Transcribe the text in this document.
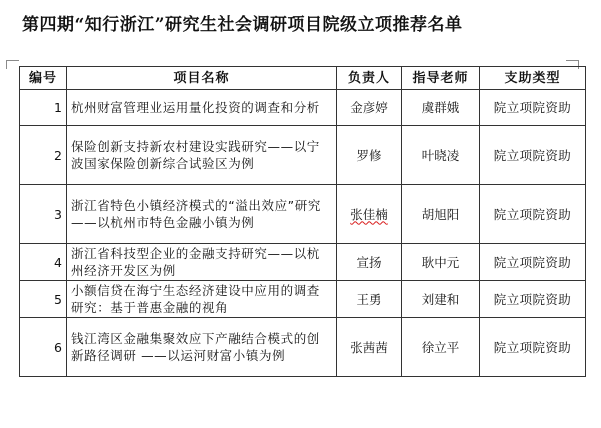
第四期“知行浙江”研究生社会调研项目院级立项推荐名单
编号	项目名称	负责人	指导老师	支助类型
1	杭州财富管理业运用量化投资的调查和分析	金彦婷	虞群娥	院立项院资助
2	保险创新支持新农村建设实践研究——以宁波国家保险创新综合试验区为例	罗修	叶晓凌	院立项院资助
3	浙江省特色小镇经济模式的“溢出效应”研究——以杭州市特色金融小镇为例	张佳楠	胡旭阳	院立项院资助
4	浙江省科技型企业的金融支持研究——以杭州经济开发区为例	宣扬	耿中元	院立项院资助
5	小额信贷在海宁生态经济建设中应用的调查研究：基于普惠金融的视角	王勇	刘建和	院立项院资助
6	钱江湾区金融集聚效应下产融结合模式的创新路径调研 ——以运河财富小镇为例	张茜茜	徐立平	院立项院资助
